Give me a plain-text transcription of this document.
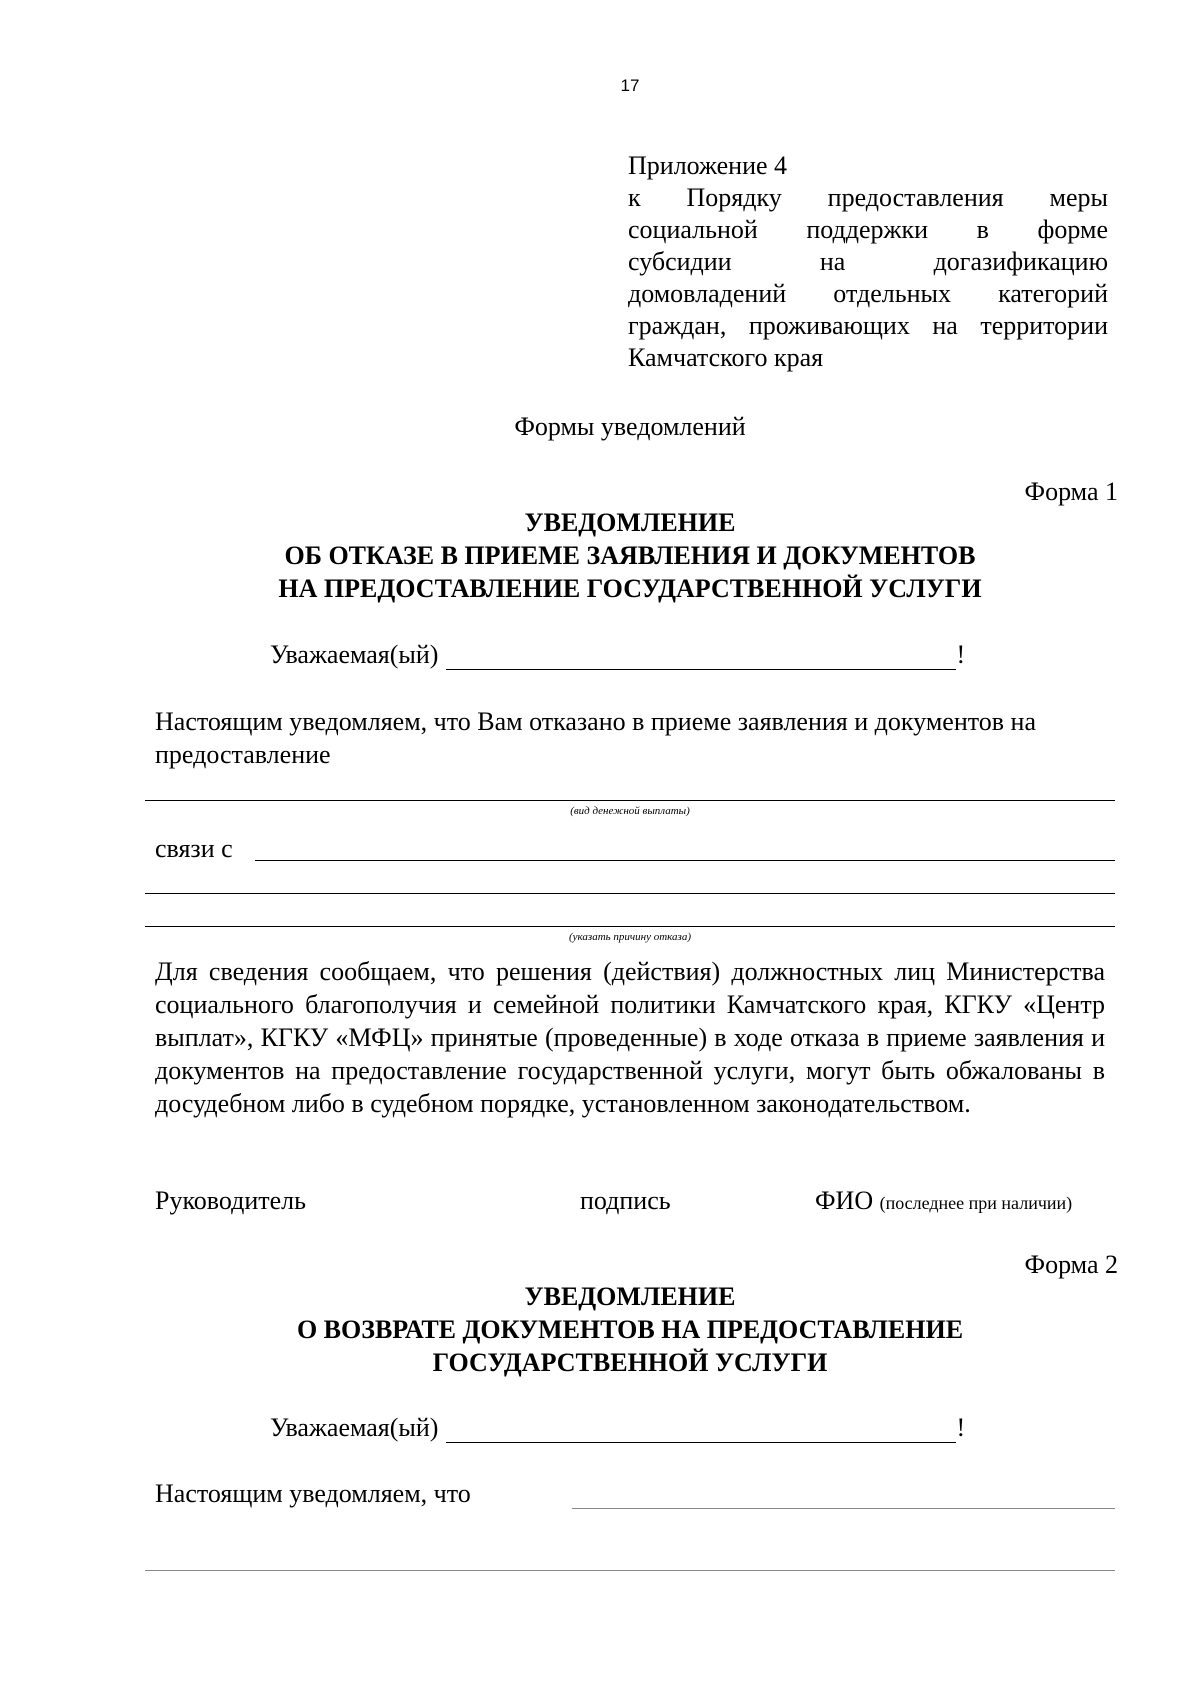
17
Приложение 4
к Порядку предоставления меры
социальной поддержки в форме
субсидии на догазификацию
домовладений отдельных категорий
граждан, проживающих на территории
Камчатского края
Формы уведомлений
Форма 1
УВЕДОМЛЕНИЕ
ОБ ОТКАЗЕ В ПРИЕМЕ ЗАЯВЛЕНИЯ И ДОКУМЕНТОВ
НА ПРЕДОСТАВЛЕНИЕ ГОСУДАРСТВЕННОЙ УСЛУГИ
Уважаемая(ый)	!
Настоящим уведомляем, что Вам отказано в приеме заявления и документов на предоставление
(вид денежной выплаты)
связи с
(указать причину отказа)
Для сведения сообщаем, что решения (действия) должностных лиц Министерства социального благополучия и семейной политики Камчатского края, КГКУ «Центр выплат», КГКУ «МФЦ» принятые (проведенные) в ходе отказа в приеме заявления и документов на предоставление государственной услуги, могут быть обжалованы в досудебном либо в судебном порядке, установленном законодательством.
Руководитель	подпись	ФИО (последнее при наличии)
Форма 2
УВЕДОМЛЕНИЕ
О ВОЗВРАТЕ ДОКУМЕНТОВ НА ПРЕДОСТАВЛЕНИЕ
ГОСУДАРСТВЕННОЙ УСЛУГИ
Уважаемая(ый)	!
Настоящим уведомляем, что
